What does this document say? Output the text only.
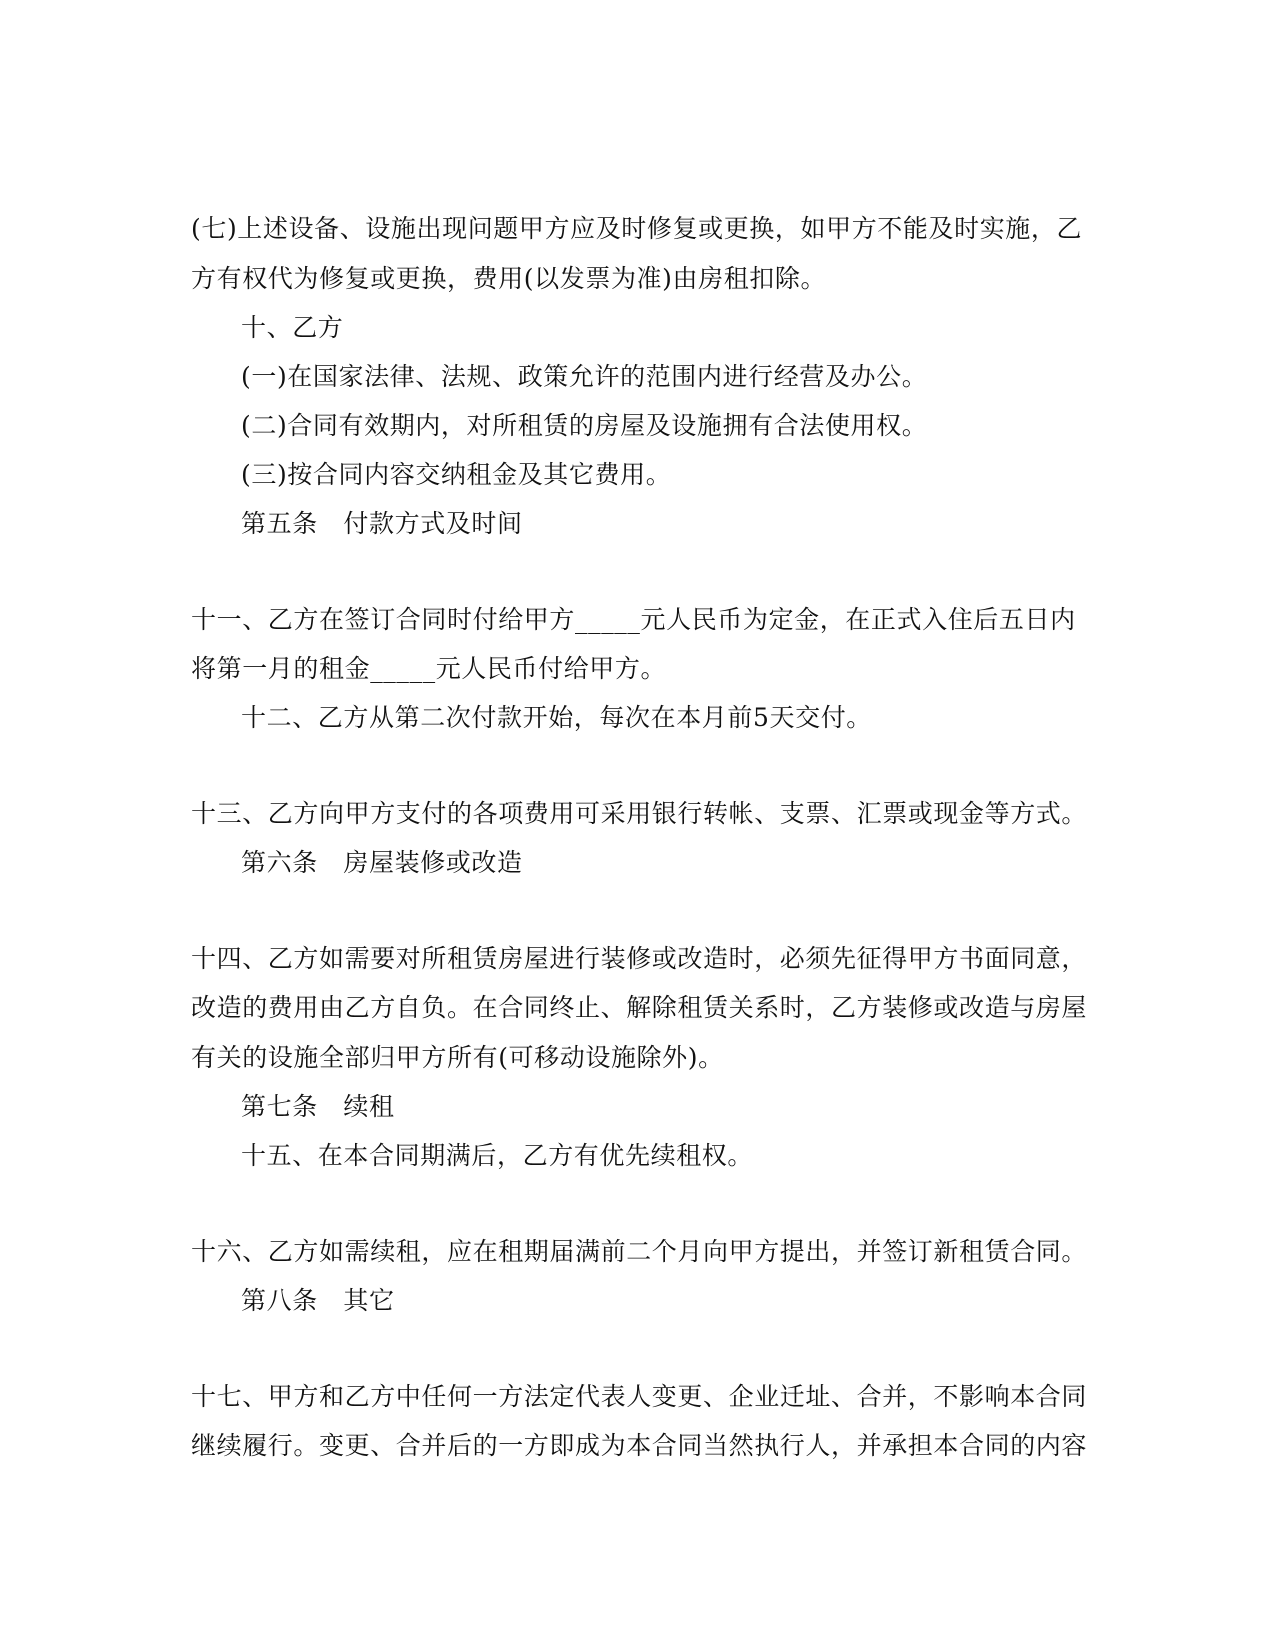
(七)上述设备、设施出现问题甲方应及时修复或更换，如甲方不能及时实施，乙
方有权代为修复或更换，费用(以发票为准)由房租扣除。
十、乙方
(一)在国家法律、法规、政策允许的范围内进行经营及办公。
(二)合同有效期内，对所租赁的房屋及设施拥有合法使用权。
(三)按合同内容交纳租金及其它费用。
第五条　付款方式及时间
十一、乙方在签订合同时付给甲方_____元人民币为定金，在正式入住后五日内
将第一月的租金_____元人民币付给甲方。
十二、乙方从第二次付款开始，每次在本月前5天交付。
十三、乙方向甲方支付的各项费用可采用银行转帐、支票、汇票或现金等方式。
第六条　房屋装修或改造
十四、乙方如需要对所租赁房屋进行装修或改造时，必须先征得甲方书面同意，
改造的费用由乙方自负。在合同终止、解除租赁关系时，乙方装修或改造与房屋
有关的设施全部归甲方所有(可移动设施除外)。
第七条　续租
十五、在本合同期满后，乙方有优先续租权。
十六、乙方如需续租，应在租期届满前二个月向甲方提出，并签订新租赁合同。
第八条　其它
十七、甲方和乙方中任何一方法定代表人变更、企业迁址、合并，不影响本合同
继续履行。变更、合并后的一方即成为本合同当然执行人，并承担本合同的内容
